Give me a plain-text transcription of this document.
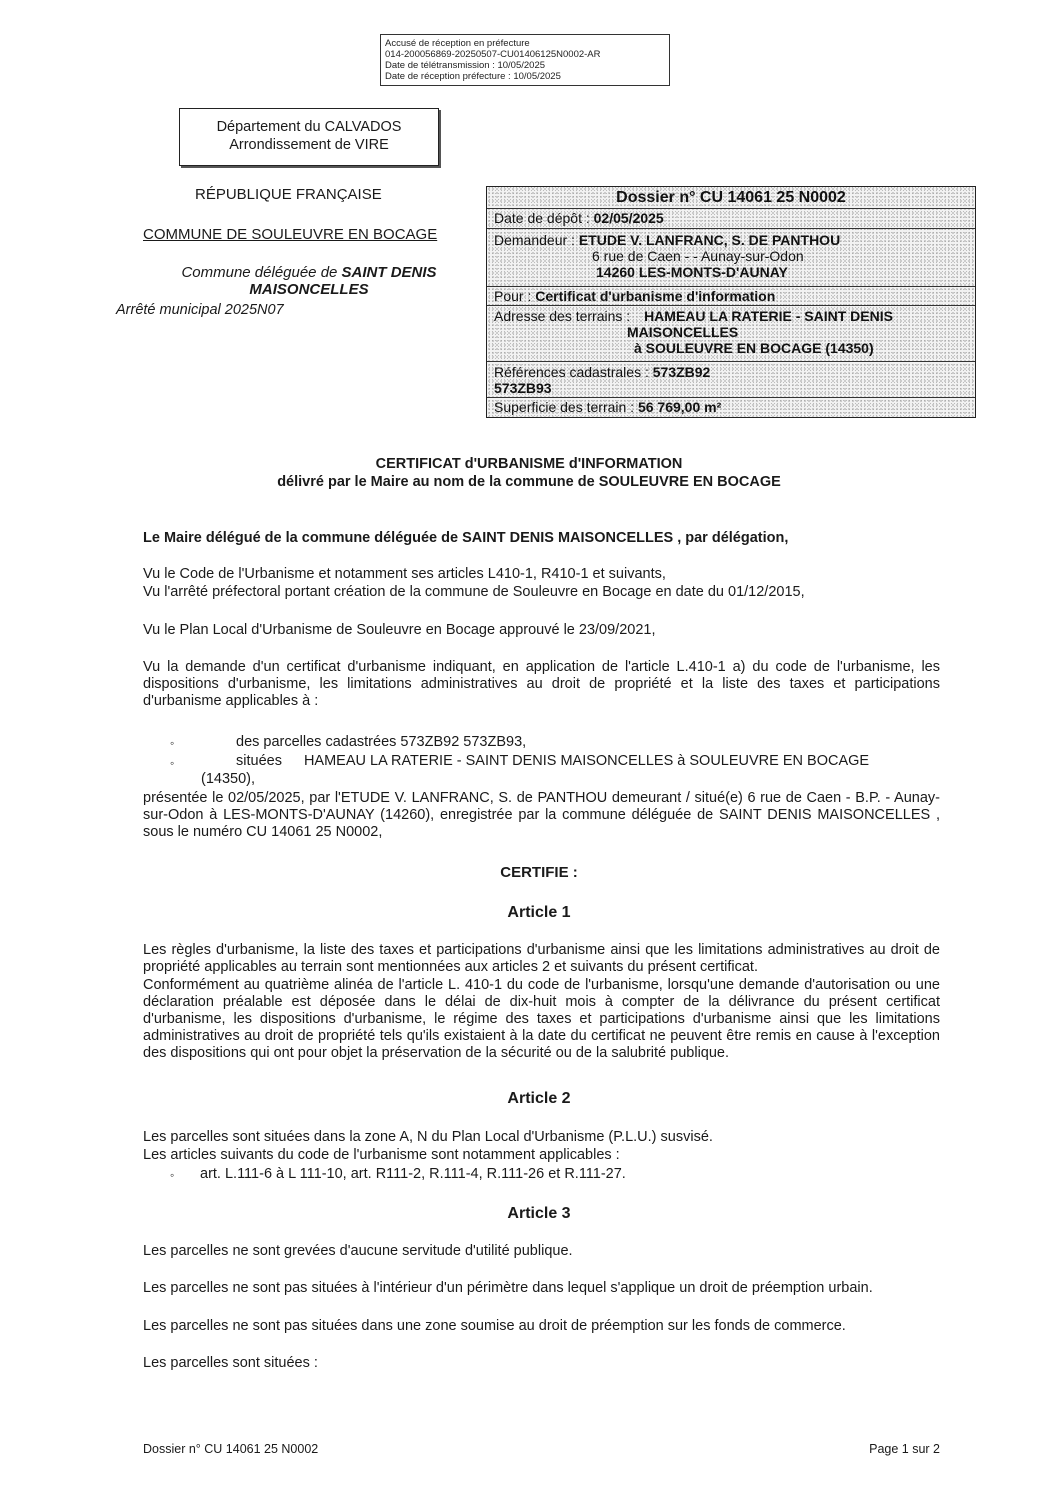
Accusé de réception en préfecture
014-200056869-20250507-CU01406125N0002-AR
Date de télétransmission : 10/05/2025
Date de réception préfecture : 10/05/2025
Département du CALVADOS
Arrondissement de VIRE
RÉPUBLIQUE FRANÇAISE
COMMUNE DE SOULEUVRE EN BOCAGE
Commune déléguée de SAINT DENIS
MAISONCELLES
Arrêté municipal 2025N07
Dossier n° CU 14061 25 N0002
Date de dépôt : 02/05/2025
Demandeur : ETUDE V. LANFRANC, S. DE PANTHOU
6 rue de Caen - - Aunay-sur-Odon
14260 LES-MONTS-D'AUNAY
Pour : Certificat d'urbanisme d'information
Adresse des terrains : HAMEAU LA RATERIE - SAINT DENIS
MAISONCELLES
à SOULEUVRE EN BOCAGE (14350)
Références cadastrales : 573ZB92
573ZB93
Superficie des terrain : 56 769,00 m²
CERTIFICAT d'URBANISME d'INFORMATION
délivré par le Maire au nom de la commune de SOULEUVRE EN BOCAGE
Le Maire délégué de la commune déléguée de SAINT DENIS MAISONCELLES , par délégation,
Vu le Code de l'Urbanisme et notamment ses articles L410-1, R410-1 et suivants,
Vu l'arrêté préfectoral portant création de la commune de Souleuvre en Bocage en date du 01/12/2015,
Vu le Plan Local d'Urbanisme de Souleuvre en Bocage approuvé le 23/09/2021,
Vu la demande d'un certificat d'urbanisme indiquant, en application de l'article L.410-1 a) du code de l'urbanisme, les dispositions d'urbanisme, les limitations administratives au droit de propriété et la liste des taxes et participations d'urbanisme applicables à :
◦	des parcelles cadastrées 573ZB92 573ZB93,
◦	situées HAMEAU LA RATERIE - SAINT DENIS MAISONCELLES à SOULEUVRE EN BOCAGE
(14350),
présentée le 02/05/2025, par l'ETUDE V. LANFRANC, S. de PANTHOU demeurant / situé(e) 6 rue de Caen - B.P. - Aunay-sur-Odon à LES-MONTS-D'AUNAY (14260), enregistrée par la commune déléguée de SAINT DENIS MAISONCELLES , sous le numéro CU 14061 25 N0002,
CERTIFIE :
Article 1
Les règles d'urbanisme, la liste des taxes et participations d'urbanisme ainsi que les limitations administratives au droit de propriété applicables au terrain sont mentionnées aux articles 2 et suivants du présent certificat.
Conformément au quatrième alinéa de l'article L. 410-1 du code de l'urbanisme, lorsqu'une demande d'autorisation ou une déclaration préalable est déposée dans le délai de dix-huit mois à compter de la délivrance du présent certificat d'urbanisme, les dispositions d'urbanisme, le régime des taxes et participations d'urbanisme ainsi que les limitations administratives au droit de propriété tels qu'ils existaient à la date du certificat ne peuvent être remis en cause à l'exception des dispositions qui ont pour objet la préservation de la sécurité ou de la salubrité publique.
Article 2
Les parcelles sont situées dans la zone A, N du Plan Local d'Urbanisme (P.L.U.) susvisé.
Les articles suivants du code de l'urbanisme sont notamment applicables :
◦ art. L.111-6 à L 111-10, art. R111-2, R.111-4, R.111-26 et R.111-27.
Article 3
Les parcelles ne sont grevées d'aucune servitude d'utilité publique.
Les parcelles ne sont pas situées à l'intérieur d'un périmètre dans lequel s'applique un droit de préemption urbain.
Les parcelles ne sont pas situées dans une zone soumise au droit de préemption sur les fonds de commerce.
Les parcelles sont situées :
Dossier n° CU 14061 25 N0002	Page 1 sur 2
